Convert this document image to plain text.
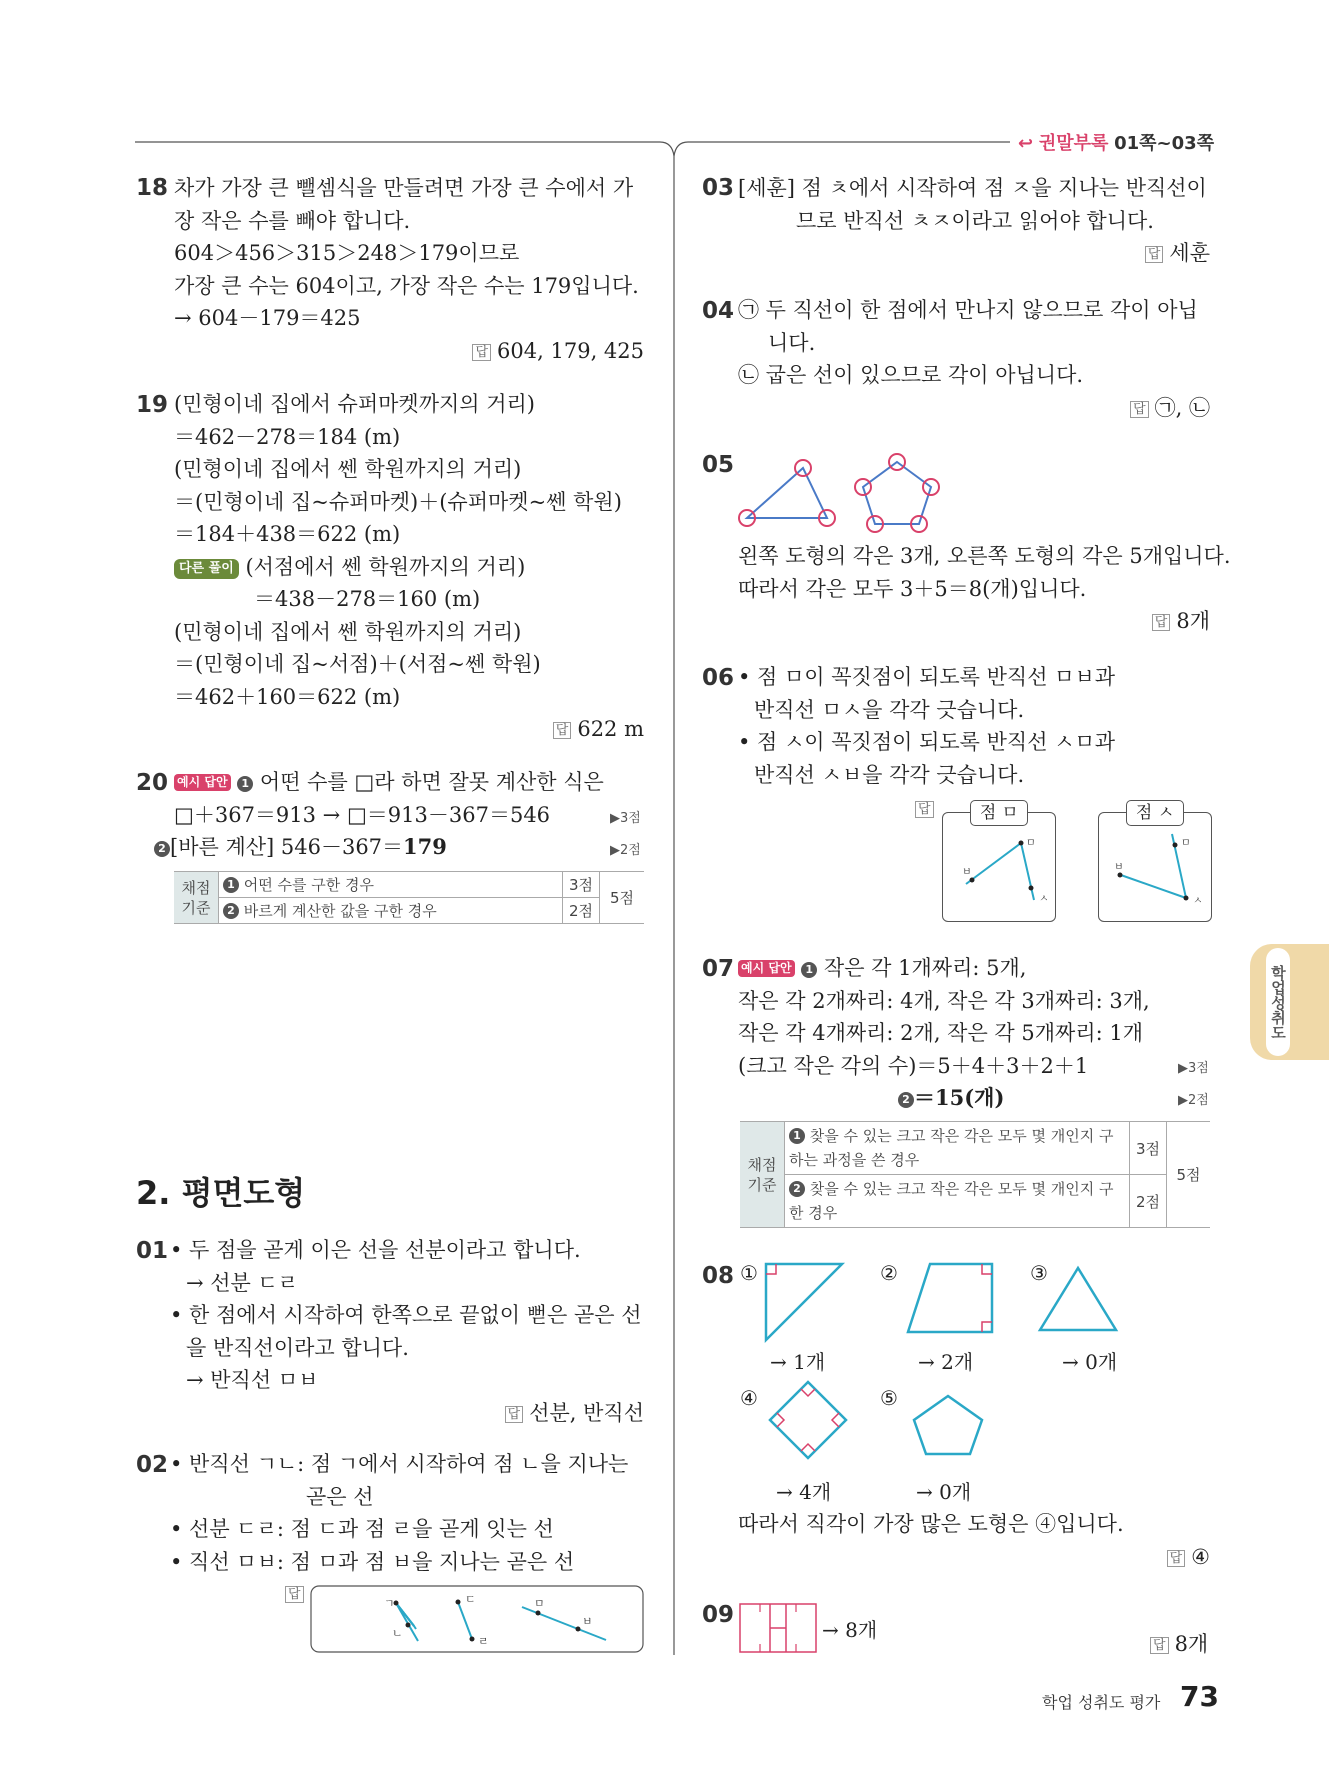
↩ 권말부록 01쪽~03쪽
18 차가 가장 큰 뺄셈식을 만들려면 가장 큰 수에서 가

장 작은 수를 빼야 합니다.

604＞456＞315＞248＞179이므로

가장 큰 수는 604이고, 가장 작은 수는 179입니다.

→ 604－179＝425

답 604, 179, 425

19 (민형이네 집에서 슈퍼마켓까지의 거리)

＝462－278＝184 (m)

(민형이네 집에서 쎈 학원까지의 거리)

＝(민형이네 집~슈퍼마켓)＋(슈퍼마켓~쎈 학원)

＝184＋438＝622 (m)

다른 풀이 (서점에서 쎈 학원까지의 거리)

＝438－278＝160 (m)

(민형이네 집에서 쎈 학원까지의 거리)

＝(민형이네 집~서점)＋(서점~쎈 학원)

＝462＋160＝622 (m)

답 622 m

20 예시 답안 1 어떤 수를 □라 하면 잘못 계산한 식은

□＋367＝913 → □＝913－367＝546

2 [바른 계산] 546－367＝179

▶3점
▶2점
채점 기준	1 어떤 수를 구한 경우	3점	5점
	2 바르게 계산한 값을 구한 경우	2점	
2. 평면도형
01 • 두 점을 곧게 이은 선을 선분이라고 합니다.

→ 선분 ㄷㄹ

• 한 점에서 시작하여 한쪽으로 끝없이 뻗은 곧은 선

을 반직선이라고 합니다.

→ 반직선 ㅁㅂ

답 선분, 반직선

02 • 반직선 ㄱㄴ: 점 ㄱ에서 시작하여 점 ㄴ을 지나는

곧은 선

• 선분 ㄷㄹ: 점 ㄷ과 점 ㄹ을 곧게 잇는 선

• 직선 ㅁㅂ: 점 ㅁ과 점 ㅂ을 지나는 곧은 선

답
ㄱ
ㄴ
ㄷ
ㄹ
ㅁ
ㅂ
03 [세훈] 점 ㅊ에서 시작하여 점 ㅈ을 지나는 반직선이

므로 반직선 ㅊㅈ이라고 읽어야 합니다.

답 세훈

04 ㉠ 두 직선이 한 점에서 만나지 않으므로 각이 아닙

니다.

㉡ 굽은 선이 있으므로 각이 아닙니다.

답 ㉠, ㉡

05

왼쪽 도형의 각은 3개, 오른쪽 도형의 각은 5개입니다.

따라서 각은 모두 3＋5＝8(개)입니다.

답 8개

06 • 점 ㅁ이 꼭짓점이 되도록 반직선 ㅁㅂ과

반직선 ㅁㅅ을 각각 긋습니다.

• 점 ㅅ이 꼭짓점이 되도록 반직선 ㅅㅁ과

반직선 ㅅㅂ을 각각 긋습니다.

답	점 ㅁ
ㅁ
ㅂ
ㅅ
점 ㅅ
ㅁ
ㅂ
ㅅ
07 예시 답안 1 작은 각 1개짜리: 5개,

작은 각 2개짜리: 4개, 작은 각 3개짜리: 3개,

작은 각 4개짜리: 2개, 작은 각 5개짜리: 1개

(크고 작은 각의 수)＝5＋4＋3＋2＋1

2 ＝15(개)

▶3점
▶2점
채점 기준	1 찾을 수 있는 크고 작은 각은 모두 몇 개인지 구
하는 과정을 쓴 경우	3점	5점
	2 찾을 수 있는 크고 작은 각은 모두 몇 개인지 구
한 경우	2점	
08 ①	②	③
④	⑤
→ 1개	→ 2개	→ 0개
→ 4개	→ 0개

따라서 직각이 가장 많은 도형은 ④입니다.

답 ④

09
→ 8개
답 8개
학업성취도
학업 성취도 평가 73
